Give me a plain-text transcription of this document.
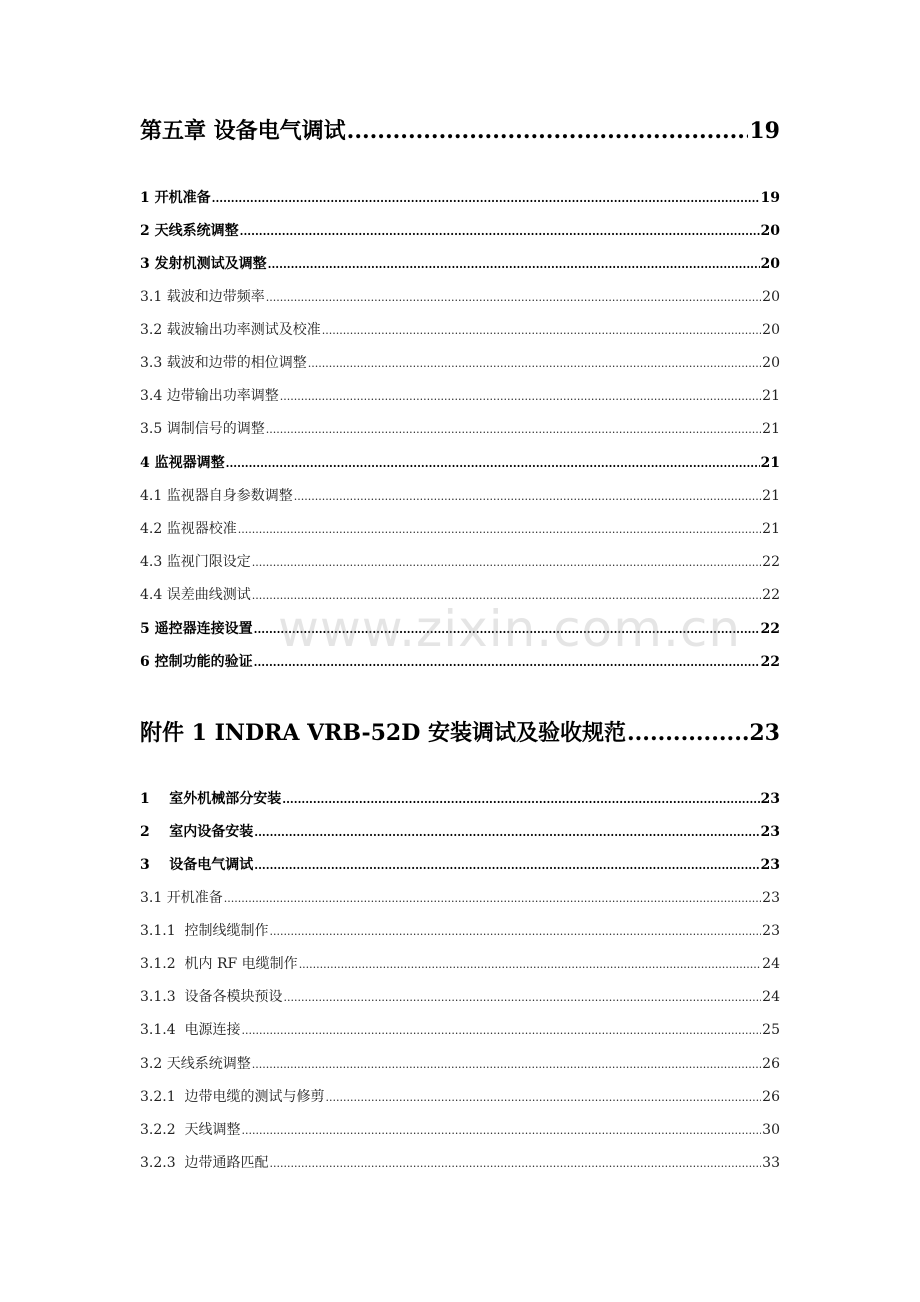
第五章 设备电气调试 .....	19
1 开机准备 .....	19
2 天线系统调整 .....	20
3 发射机测试及调整 .....	20
3.1 载波和边带频率 .....	20
3.2 载波输出功率测试及校准 .....	20
3.3 载波和边带的相位调整 .....	20
3.4 边带输出功率调整 .....	21
3.5 调制信号的调整 .....	21
4 监视器调整 .....	21
4.1 监视器自身参数调整 .....	21
4.2 监视器校准 .....	21
4.3 监视门限设定 .....	22
4.4 误差曲线测试 .....	22
5 遥控器连接设置 .....	22
6 控制功能的验证 .....	22
附件 1 INDRA VRB-52D 安装调试及验收规范 .....	23
1    室外机械部分安装 .....	23
2    室内设备安装 .....	23
3    设备电气调试 .....	23
3.1 开机准备 .....	23
3.1.1  控制线缆制作 .....	23
3.1.2  机内 RF 电缆制作 .....	24
3.1.3  设备各模块预设 .....	24
3.1.4  电源连接 .....	25
3.2 天线系统调整 .....	26
3.2.1  边带电缆的测试与修剪 .....	26
3.2.2  天线调整 .....	30
3.2.3  边带通路匹配 .....	33
www.zixin.com.cn
